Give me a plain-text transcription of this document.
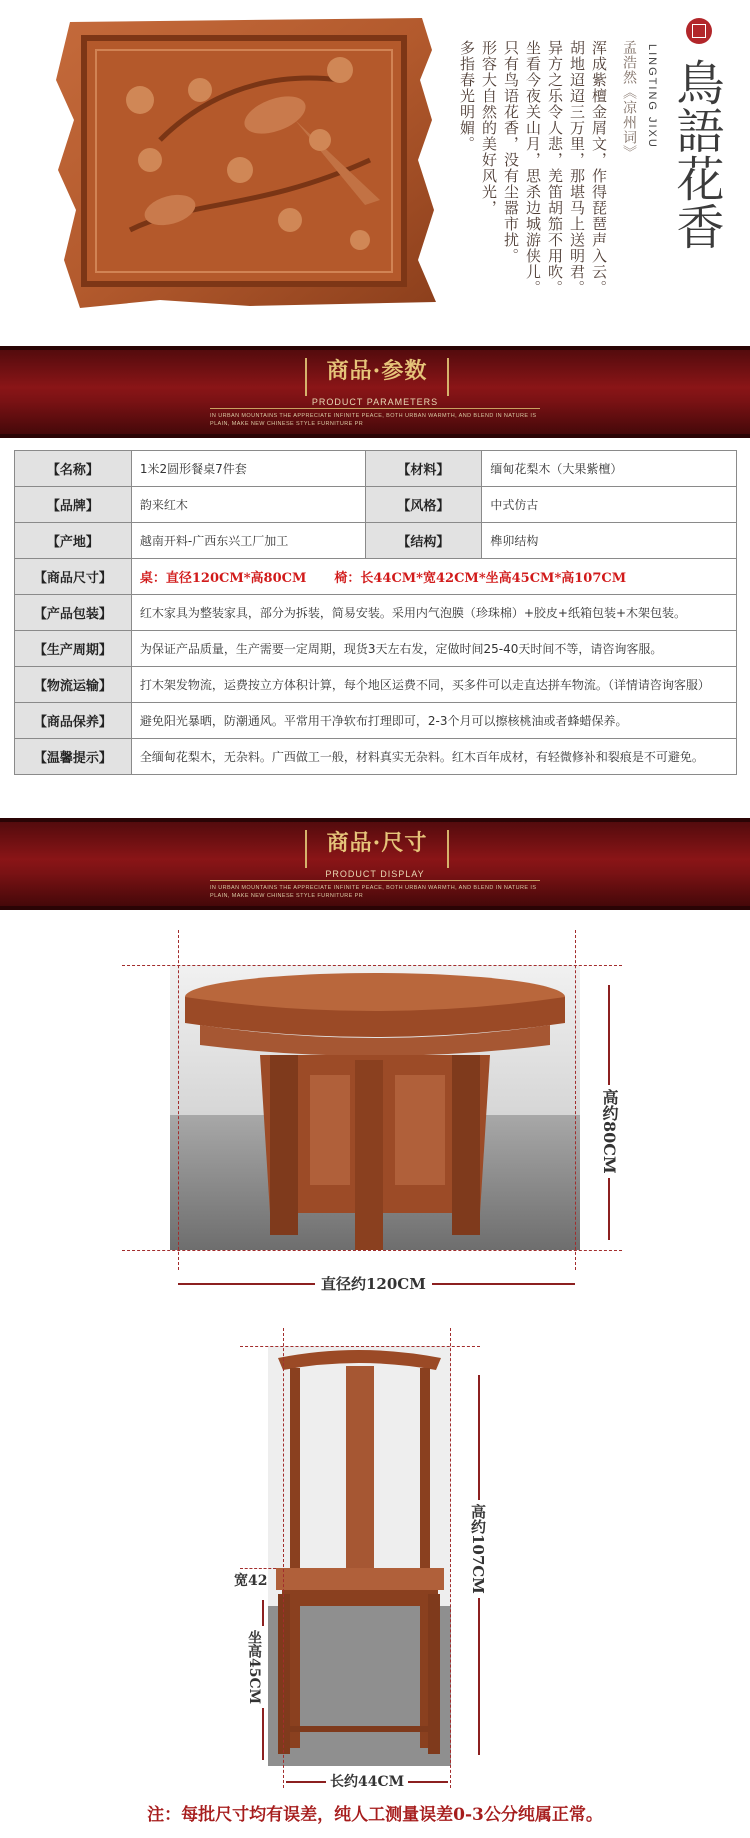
孟浩然《凉州词》
浑成紫檀金屑文，作得琵琶声入云。
胡地迢迢三万里，那堪马上送明君。
异方之乐令人悲，羌笛胡笳不用吹。
坐看今夜关山月，思杀边城游侠儿。
只有鸟语花香，没有尘嚣市扰。
形容大自然的美好风光，
多指春光明媚。	LINGTING JIXU 鳥語花香
商品·参数
PRODUCT PARAMETERS
IN URBAN MOUNTAINS THE APPRECIATE INFINITE PEACE, BOTH URBAN WARMTH, AND BLEND IN NATURE IS
PLAIN, MAKE NEW CHINESE STYLE FURNITURE PR
【名称】	1米2圆形餐桌7件套	【材料】	缅甸花梨木（大果紫檀）
【品牌】	韵来红木	【风格】	中式仿古
【产地】	越南开料-广西东兴工厂加工	【结构】	榫卯结构
【商品尺寸】	桌：直径120CM*高80CM 椅：长44CM*宽42CM*坐高45CM*高107CM		
【产品包装】	红木家具为整装家具，部分为拆装，简易安装。采用内气泡膜（珍珠棉）+胶皮+纸箱包装+木架包装。		
【生产周期】	为保证产品质量，生产需要一定周期，现货3天左右发，定做时间25-40天时间不等，请咨询客服。		
【物流运输】	打木架发物流，运费按立方体积计算，每个地区运费不同，买多件可以走直达拼车物流。（详情请咨询客服）		
【商品保养】	避免阳光暴晒，防潮通风。平常用干净软布打理即可，2-3个月可以擦核桃油或者蜂蜡保养。		
【温馨提示】	全缅甸花梨木，无杂料。广西做工一般，材料真实无杂料。红木百年成材，有轻微修补和裂痕是不可避免。		
商品·尺寸
PRODUCT DISPLAY
IN URBAN MOUNTAINS THE APPRECIATE INFINITE PEACE, BOTH URBAN WARMTH, AND BLEND IN NATURE IS
PLAIN, MAKE NEW CHINESE STYLE FURNITURE PR
高约80CM
直径约120CM
高约107CM
宽42
坐高45CM
长约44CM
注：每批尺寸均有误差，纯人工测量误差0-3公分纯属正常。
